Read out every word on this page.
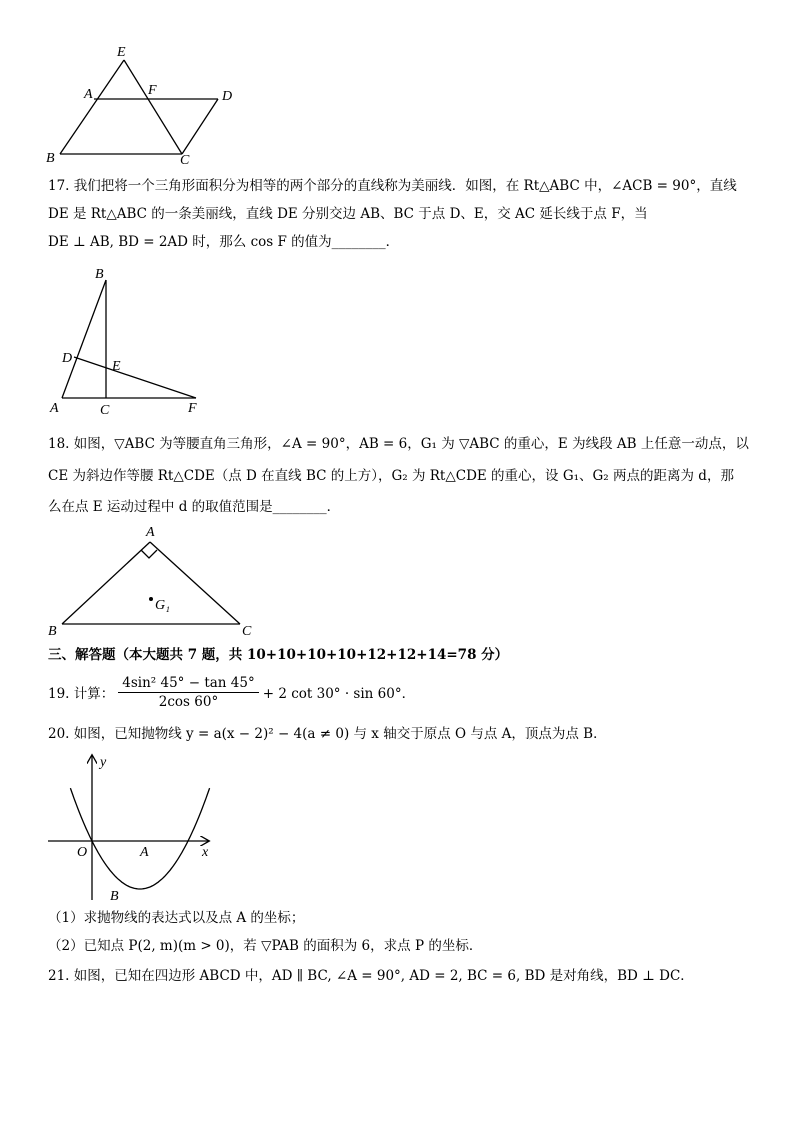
E
A	F	D
B	C
17. 我们把将一个三角形面积分为相等的两个部分的直线称为美丽线．如图，在 Rt△ABC 中，∠ACB = 90°，直线
DE 是 Rt△ABC 的一条美丽线，直线 DE 分别交边 AB、BC 于点 D、E，交 AC 延长线于点 F，当
DE ⊥ AB, BD = 2AD 时，那么 cos F 的值为________．
B
D
E
A	C	F
18. 如图，▽ABC 为等腰直角三角形，∠A = 90°，AB = 6，G₁ 为 ▽ABC 的重心，E 为线段 AB 上任意一动点，以
CE 为斜边作等腰 Rt△CDE（点 D 在直线 BC 的上方），G₂ 为 Rt△CDE 的重心，设 G₁、G₂ 两点的距离为 d，那
么在点 E 运动过程中 d 的取值范围是________．
A
G₁
B	C
三、解答题（本大题共 7 题，共 10+10+10+10+12+12+14=78 分）
19. 计算： $\frac{\text{4sin² 45° − tan 45°}}{2\cos 60^\circ} + 2$ cot 30° · sin 60°．
20. 如图，已知抛物线 y = a(x − 2)² − 4(a ≠ 0) 与 x 轴交于原点 O 与点 A，顶点为点 B．
y
x
O	A
B
（1）求抛物线的表达式以及点 A 的坐标；
（2）已知点 P(2, m)(m > 0)，若 ▽PAB 的面积为 6，求点 P 的坐标．
21. 如图，已知在四边形 ABCD 中，AD ∥ BC, ∠A = 90°, AD = 2, BC = 6, BD 是对角线，BD ⊥ DC．
